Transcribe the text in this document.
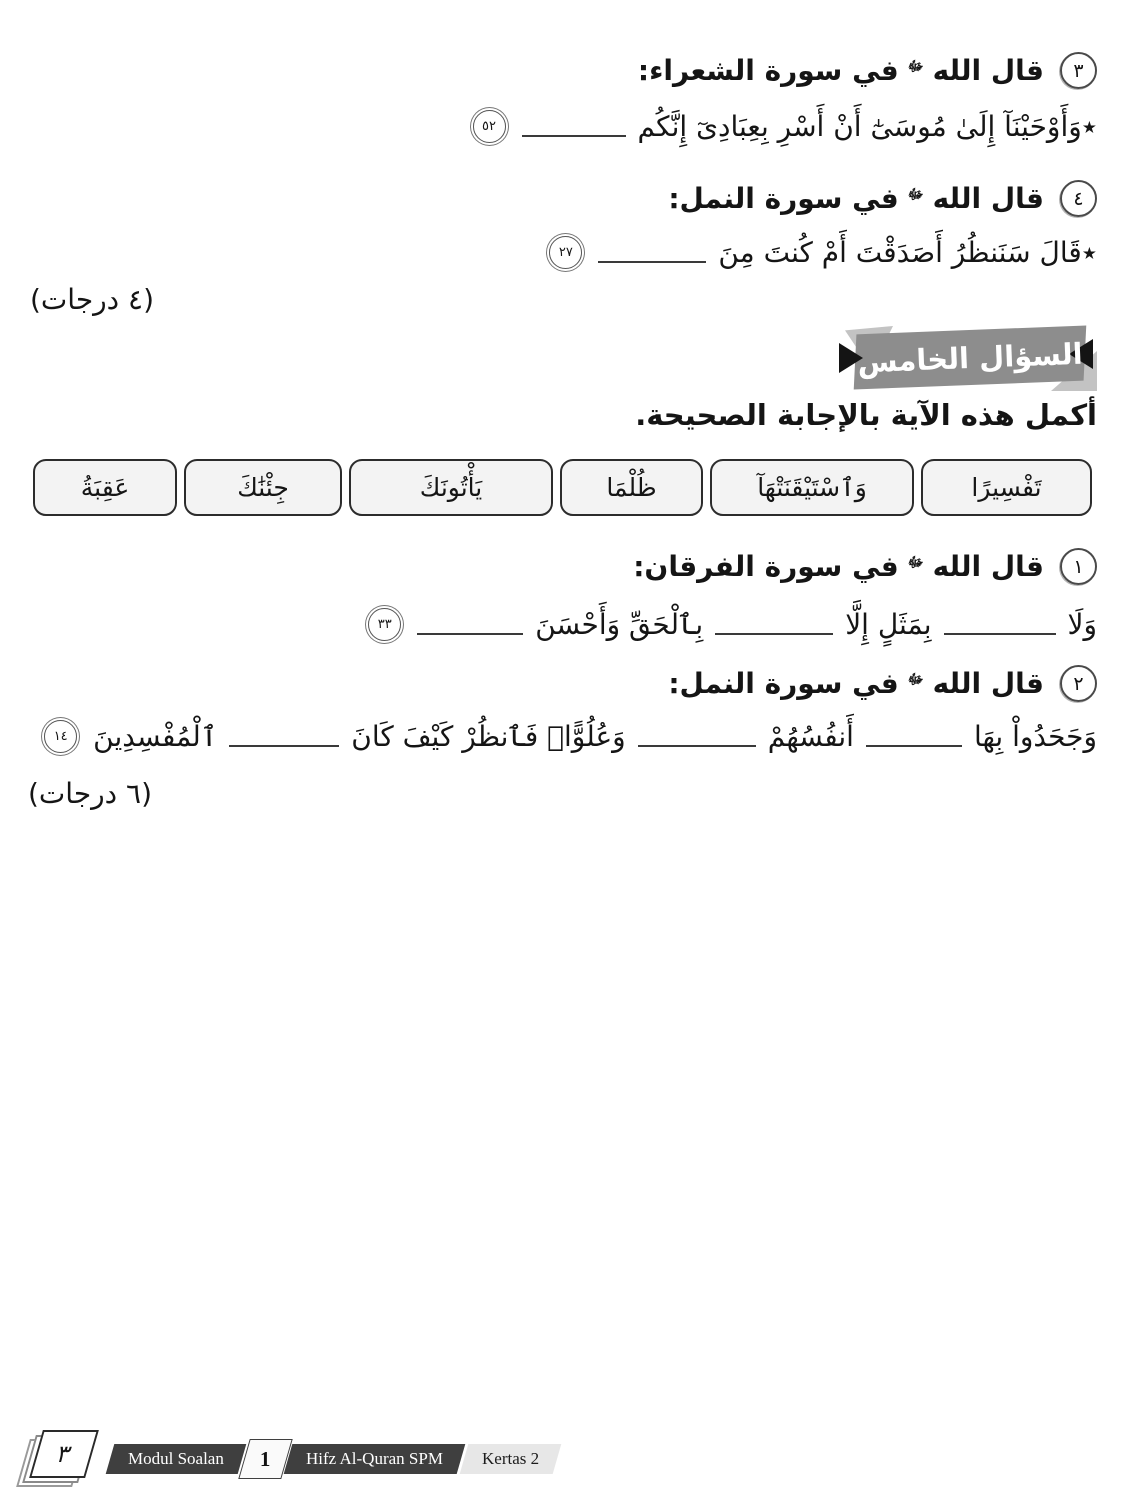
٣
قال الله
ﷻ
في سورة الشعراء:
٭وَأَوْحَيْنَآ إِلَىٰ مُوسَىٰٓ أَنْ أَسْرِ بِعِبَادِىٓ إِنَّكُم
٥٢
٤
قال الله
ﷻ
في سورة النمل:
٭قَالَ سَنَنظُرُ أَصَدَقْتَ أَمْ كُنتَ مِنَ
٢٧
(٤ درجات)
السؤال الخامس
أكمل هذه الآية بالإجابة الصحيحة.
تَفْسِيرًا
وَٱسْتَيْقَنَتْهَآ
ظُلْمَا
يَأْتُونَكَ
جِئْنَٰكَ
عَقِبَةُ
١
قال الله
ﷻ
في سورة الفرقان:
وَلَا
بِمَثَلٍ إِلَّا
بِٱلْحَقِّ وَأَحْسَنَ
٣٣
٢
قال الله
ﷻ
في سورة النمل:
وَجَحَدُواْ بِهَا
أَنفُسُهُمْ
وَعُلُوًّاۚ فَٱنظُرْ كَيْفَ كَانَ
ٱلْمُفْسِدِينَ
١٤
(٦ درجات)
٣	Modul Soalan 1 Hifz Al-Quran SPM Kertas 2
